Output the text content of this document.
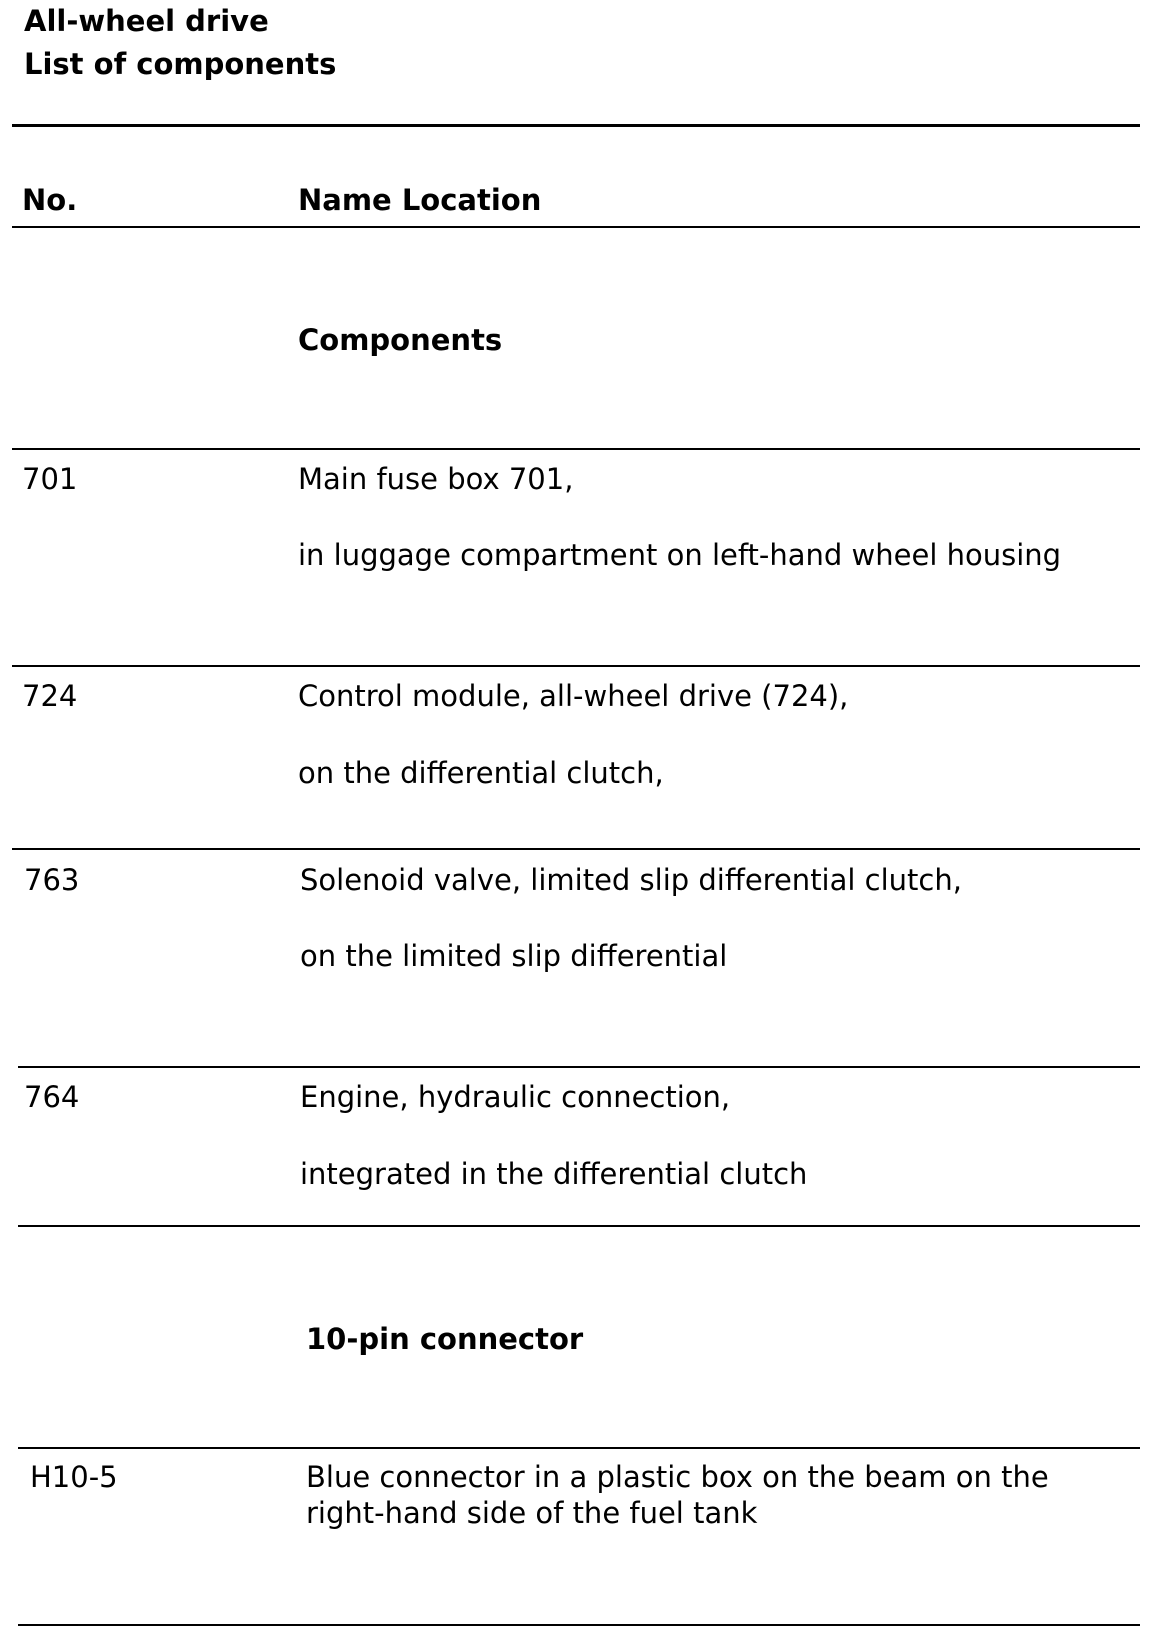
All-wheel drive
List of components
No.	Name Location
Components
701	Main fuse box 701,
in luggage compartment on left-hand wheel housing
724	Control module, all-wheel drive (724),
on the differential clutch,
763	Solenoid valve, limited slip differential clutch,
on the limited slip differential
764	Engine, hydraulic connection,
integrated in the differential clutch
10-pin connector
H10-5	Blue connector in a plastic box on the beam on the right-hand side of the fuel tank
